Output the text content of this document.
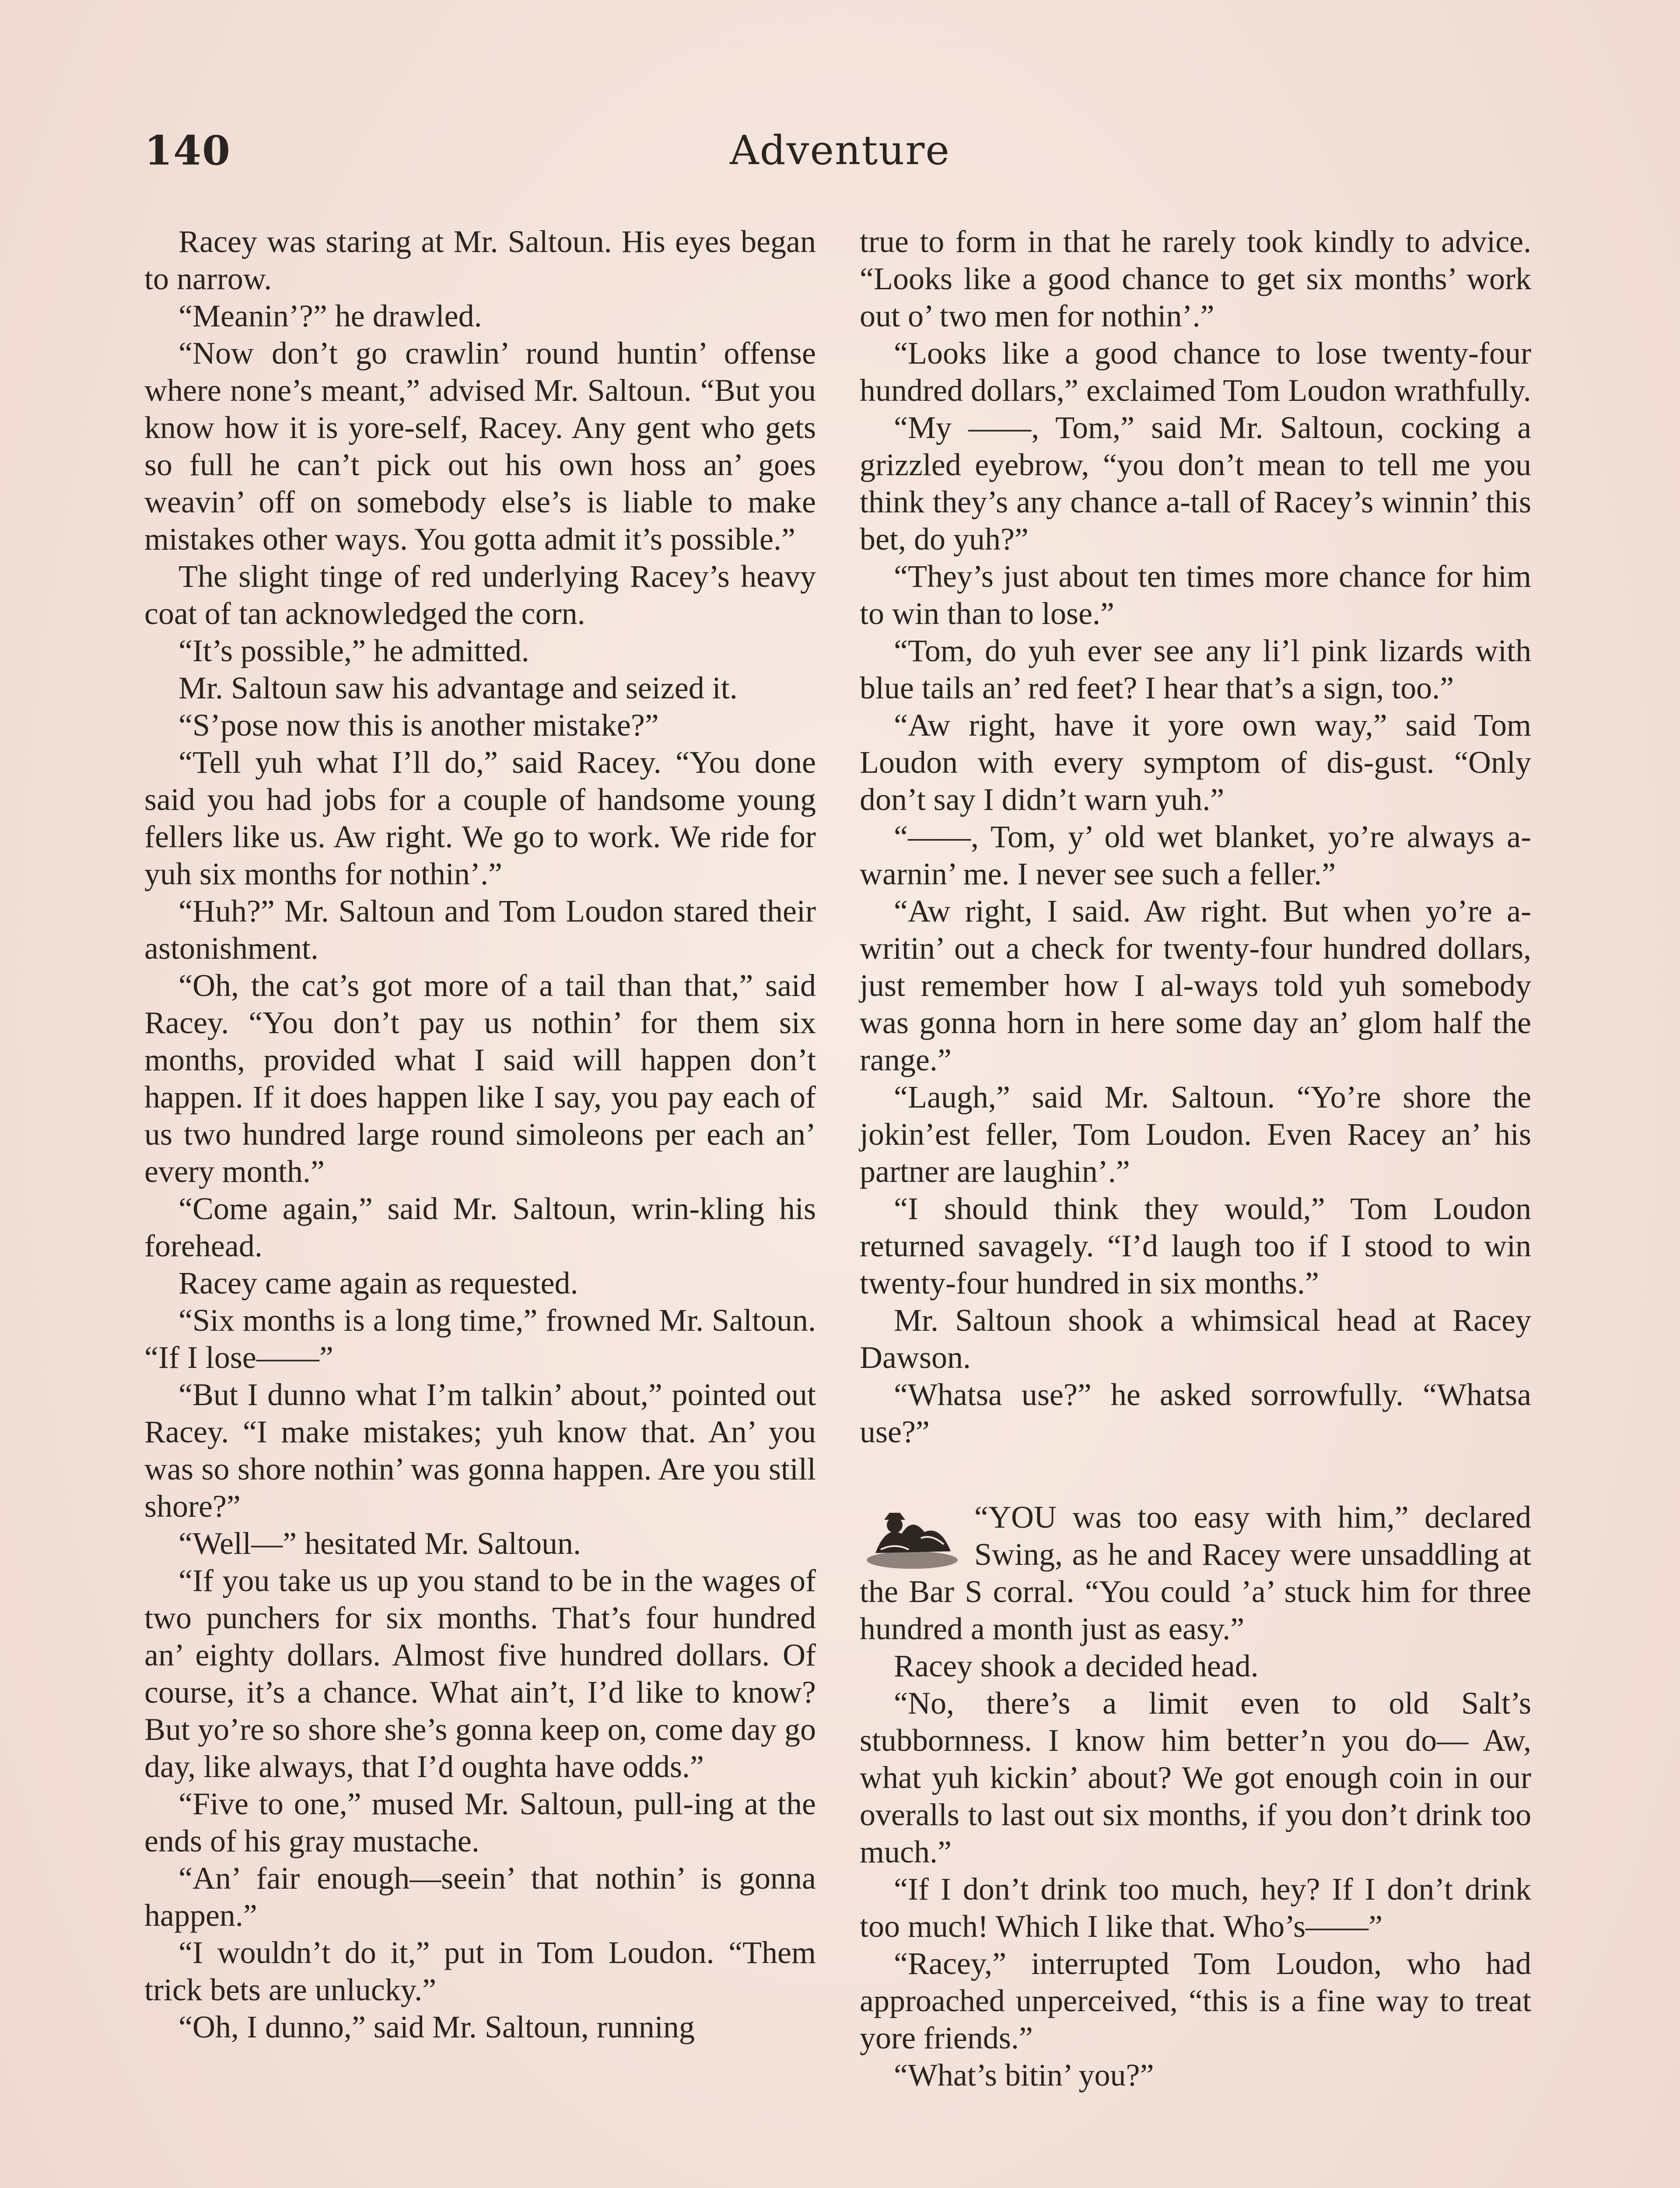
140	Adventure

Racey was staring at Mr. Saltoun. His eyes began to narrow.

“Meanin’?” he drawled.

“Now don’t go crawlin’ round huntin’ offense where none’s meant,” advised Mr. Saltoun. “But you know how it is yore-self, Racey. Any gent who gets so full he can’t pick out his own hoss an’ goes weavin’ off on somebody else’s is liable to make mistakes other ways. You gotta admit it’s possible.”

The slight tinge of red underlying Racey’s heavy coat of tan acknowledged the corn.

“It’s possible,” he admitted.

Mr. Saltoun saw his advantage and seized it.

“S’pose now this is another mistake?”

“Tell yuh what I’ll do,” said Racey. “You done said you had jobs for a couple of handsome young fellers like us. Aw right. We go to work. We ride for yuh six months for nothin’.”

“Huh?” Mr. Saltoun and Tom Loudon stared their astonishment.

“Oh, the cat’s got more of a tail than that,” said Racey. “You don’t pay us nothin’ for them six months, provided what I said will happen don’t happen. If it does happen like I say, you pay each of us two hundred large round simoleons per each an’ every month.”

“Come again,” said Mr. Saltoun, wrin-kling his forehead.

Racey came again as requested.

“Six months is a long time,” frowned Mr. Saltoun. “If I lose——”

“But I dunno what I’m talkin’ about,” pointed out Racey. “I make mistakes; yuh know that. An’ you was so shore nothin’ was gonna happen. Are you still shore?”

“Well—” hesitated Mr. Saltoun.

“If you take us up you stand to be in the wages of two punchers for six months. That’s four hundred an’ eighty dollars. Almost five hundred dollars. Of course, it’s a chance. What ain’t, I’d like to know? But yo’re so shore she’s gonna keep on, come day go day, like always, that I’d oughta have odds.”

“Five to one,” mused Mr. Saltoun, pull-ing at the ends of his gray mustache.

“An’ fair enough—seein’ that nothin’ is gonna happen.”

“I wouldn’t do it,” put in Tom Loudon. “Them trick bets are unlucky.”

“Oh, I dunno,” said Mr. Saltoun, running

true to form in that he rarely took kindly to advice. “Looks like a good chance to get six months’ work out o’ two men for nothin’.”

“Looks like a good chance to lose twenty-four hundred dollars,” exclaimed Tom Loudon wrathfully.

“My ——, Tom,” said Mr. Saltoun, cocking a grizzled eyebrow, “you don’t mean to tell me you think they’s any chance a-tall of Racey’s winnin’ this bet, do yuh?”

“They’s just about ten times more chance for him to win than to lose.”

“Tom, do yuh ever see any li’l pink lizards with blue tails an’ red feet? I hear that’s a sign, too.”

“Aw right, have it yore own way,” said Tom Loudon with every symptom of dis-gust. “Only don’t say I didn’t warn yuh.”

“——, Tom, y’ old wet blanket, yo’re always a-warnin’ me. I never see such a feller.”

“Aw right, I said. Aw right. But when yo’re a-writin’ out a check for twenty-four hundred dollars, just remember how I al-ways told yuh somebody was gonna horn in here some day an’ glom half the range.”

“Laugh,” said Mr. Saltoun. “Yo’re shore the jokin’est feller, Tom Loudon. Even Racey an’ his partner are laughin’.”

“I should think they would,” Tom Loudon returned savagely. “I’d laugh too if I stood to win twenty-four hundred in six months.”

Mr. Saltoun shook a whimsical head at Racey Dawson.

“Whatsa use?” he asked sorrowfully. “Whatsa use?”

“YOU was too easy with him,” declared Swing, as he and Racey were unsaddling at the Bar S corral. “You could ’a’ stuck him for three hundred a month just as easy.”

Racey shook a decided head.

“No, there’s a limit even to old Salt’s stubbornness. I know him better’n you do— Aw, what yuh kickin’ about? We got enough coin in our overalls to last out six months, if you don’t drink too much.”

“If I don’t drink too much, hey? If I don’t drink too much! Which I like that. Who’s——”

“Racey,” interrupted Tom Loudon, who had approached unperceived, “this is a fine way to treat yore friends.”

“What’s bitin’ you?”
